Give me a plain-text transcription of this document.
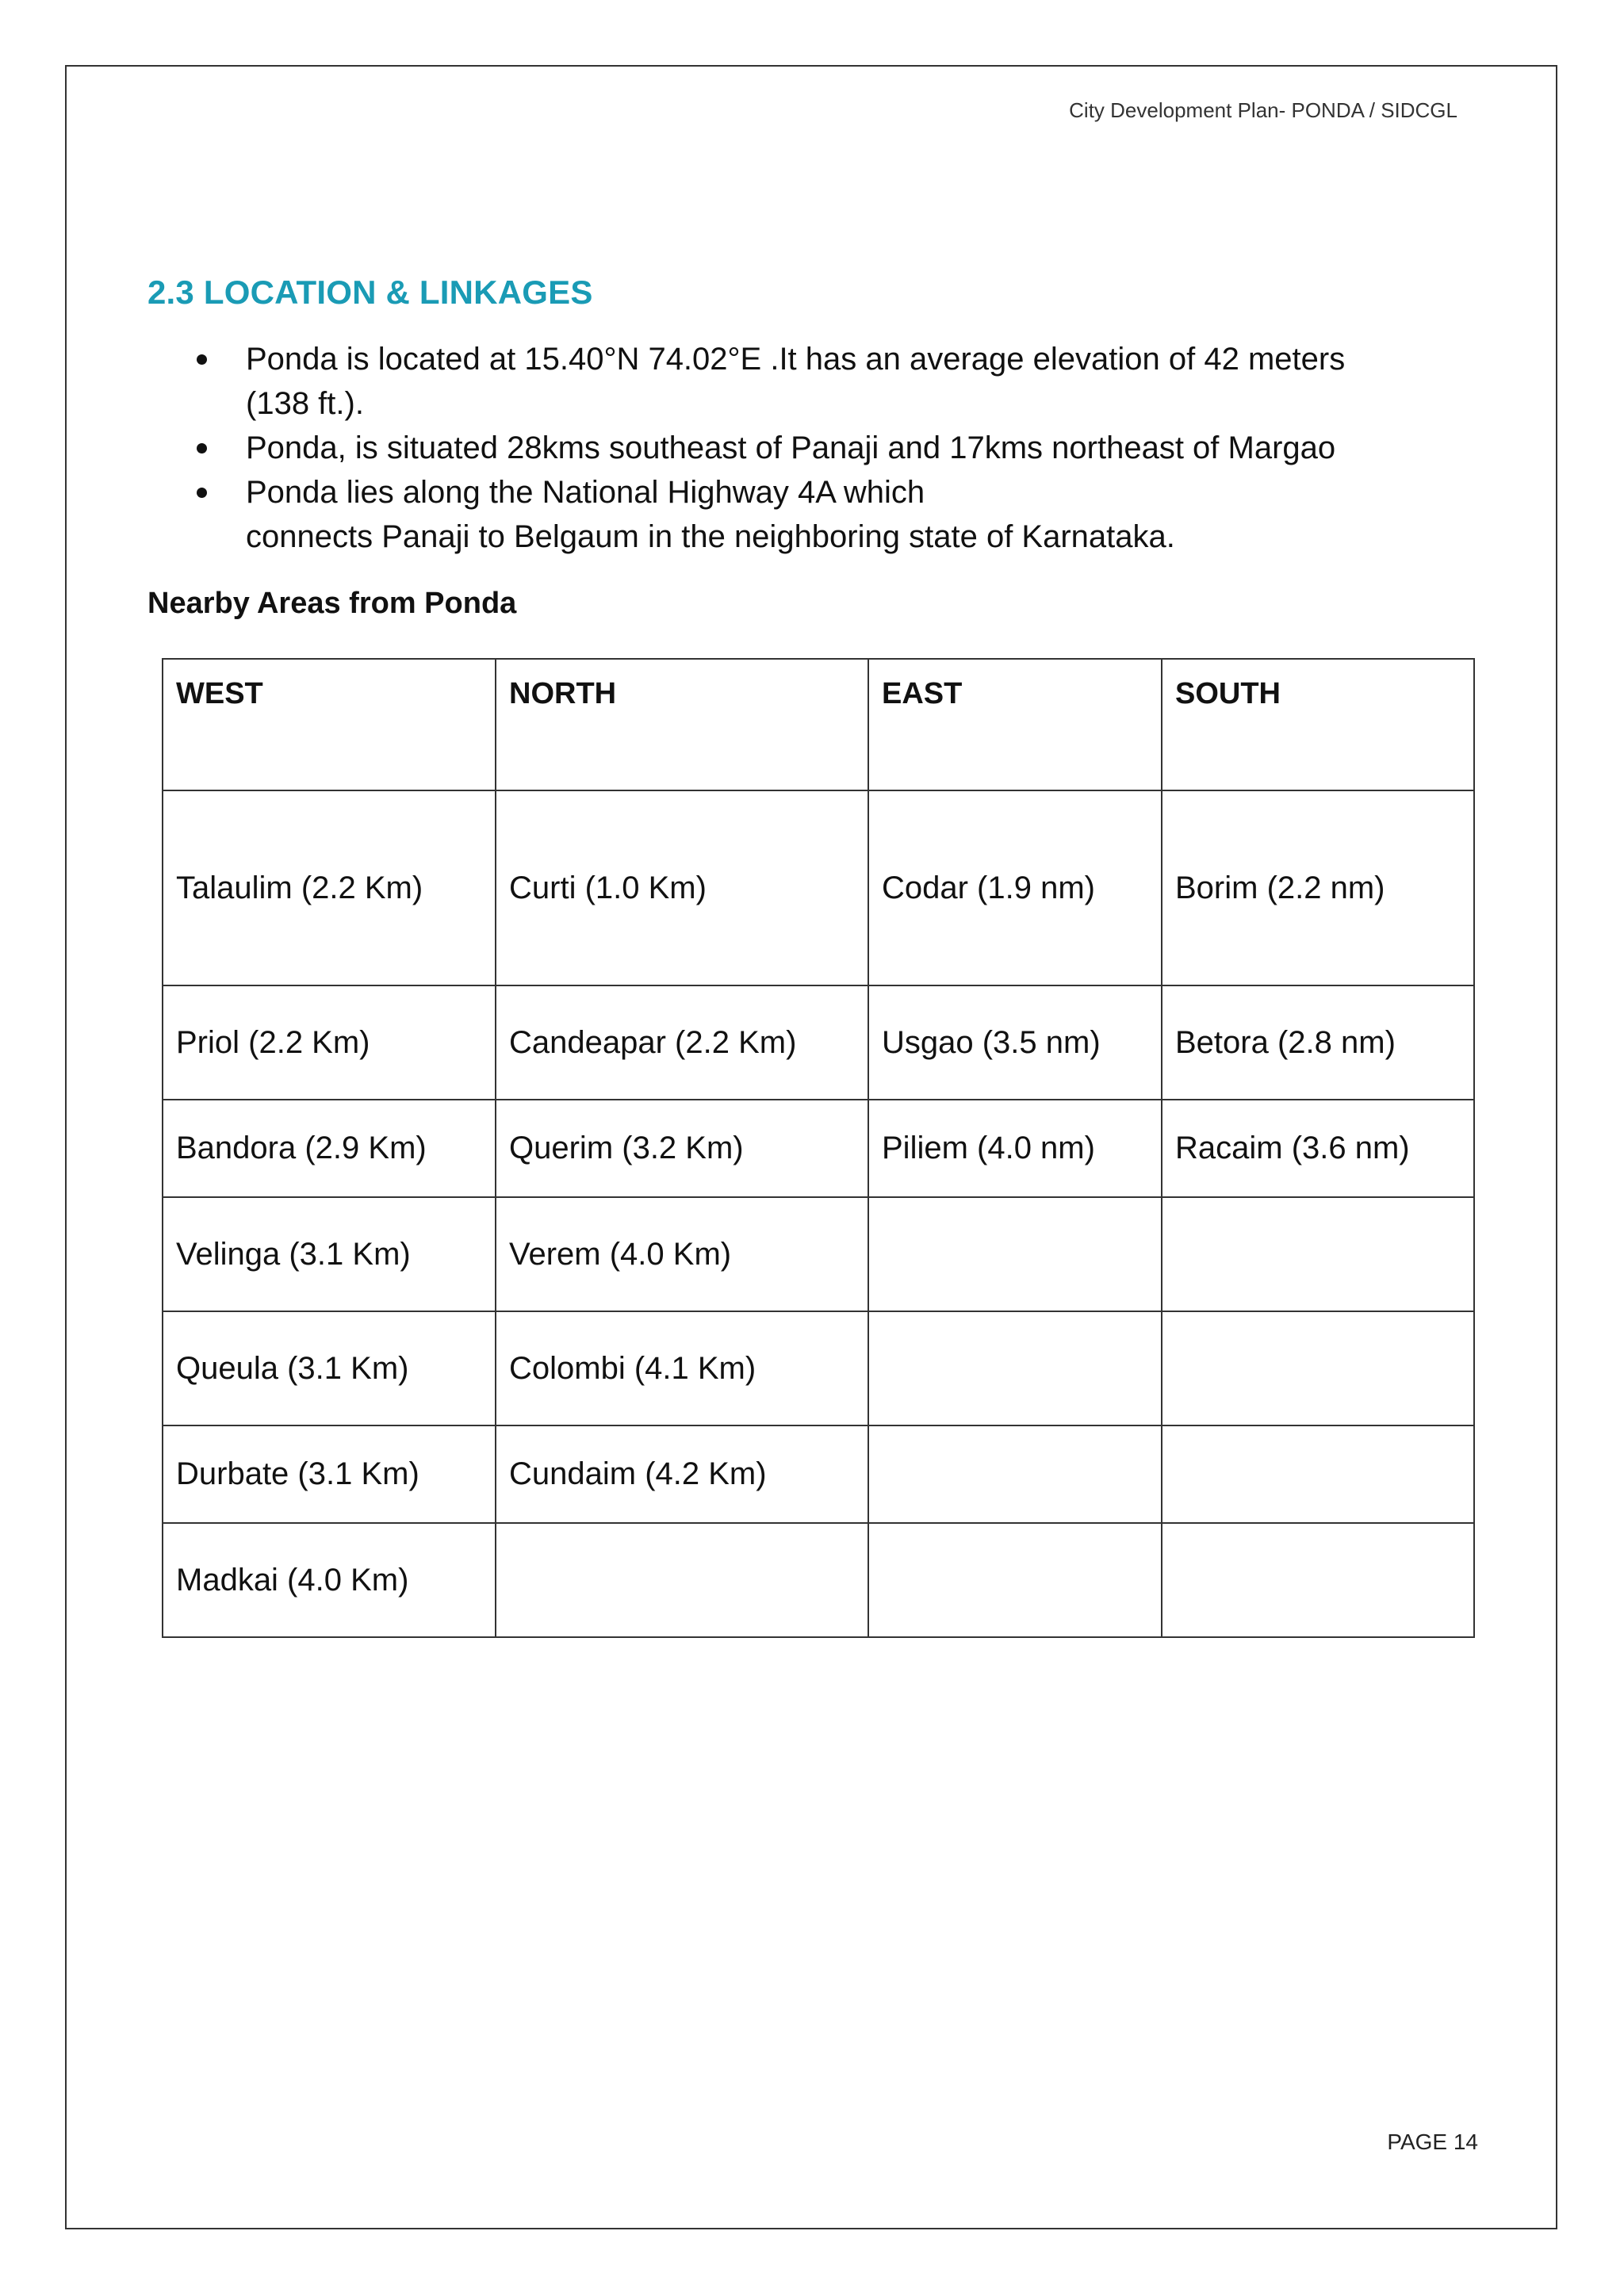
City Development Plan- PONDA / SIDCGL
2.3 LOCATION & LINKAGES
Ponda is located at 15.40°N 74.02°E .It has an average elevation of 42 meters
(138 ft.).
Ponda, is situated 28kms southeast of Panaji and 17kms northeast of Margao
Ponda lies along the National Highway 4A which
connects Panaji to Belgaum in the neighboring state of Karnataka.
Nearby Areas from Ponda
WEST	NORTH	EAST	SOUTH
Talaulim (2.2 Km)	Curti (1.0 Km)	Codar (1.9 nm)	Borim (2.2 nm)
Priol (2.2 Km)	Candeapar (2.2 Km)	Usgao (3.5 nm)	Betora (2.8 nm)
Bandora (2.9 Km)	Querim (3.2 Km)	Piliem (4.0 nm)	Racaim (3.6 nm)
Velinga (3.1 Km)	Verem (4.0 Km)		
Queula (3.1 Km)	Colombi (4.1 Km)		
Durbate (3.1 Km)	Cundaim (4.2 Km)		
Madkai (4.0 Km)			
PAGE 14
